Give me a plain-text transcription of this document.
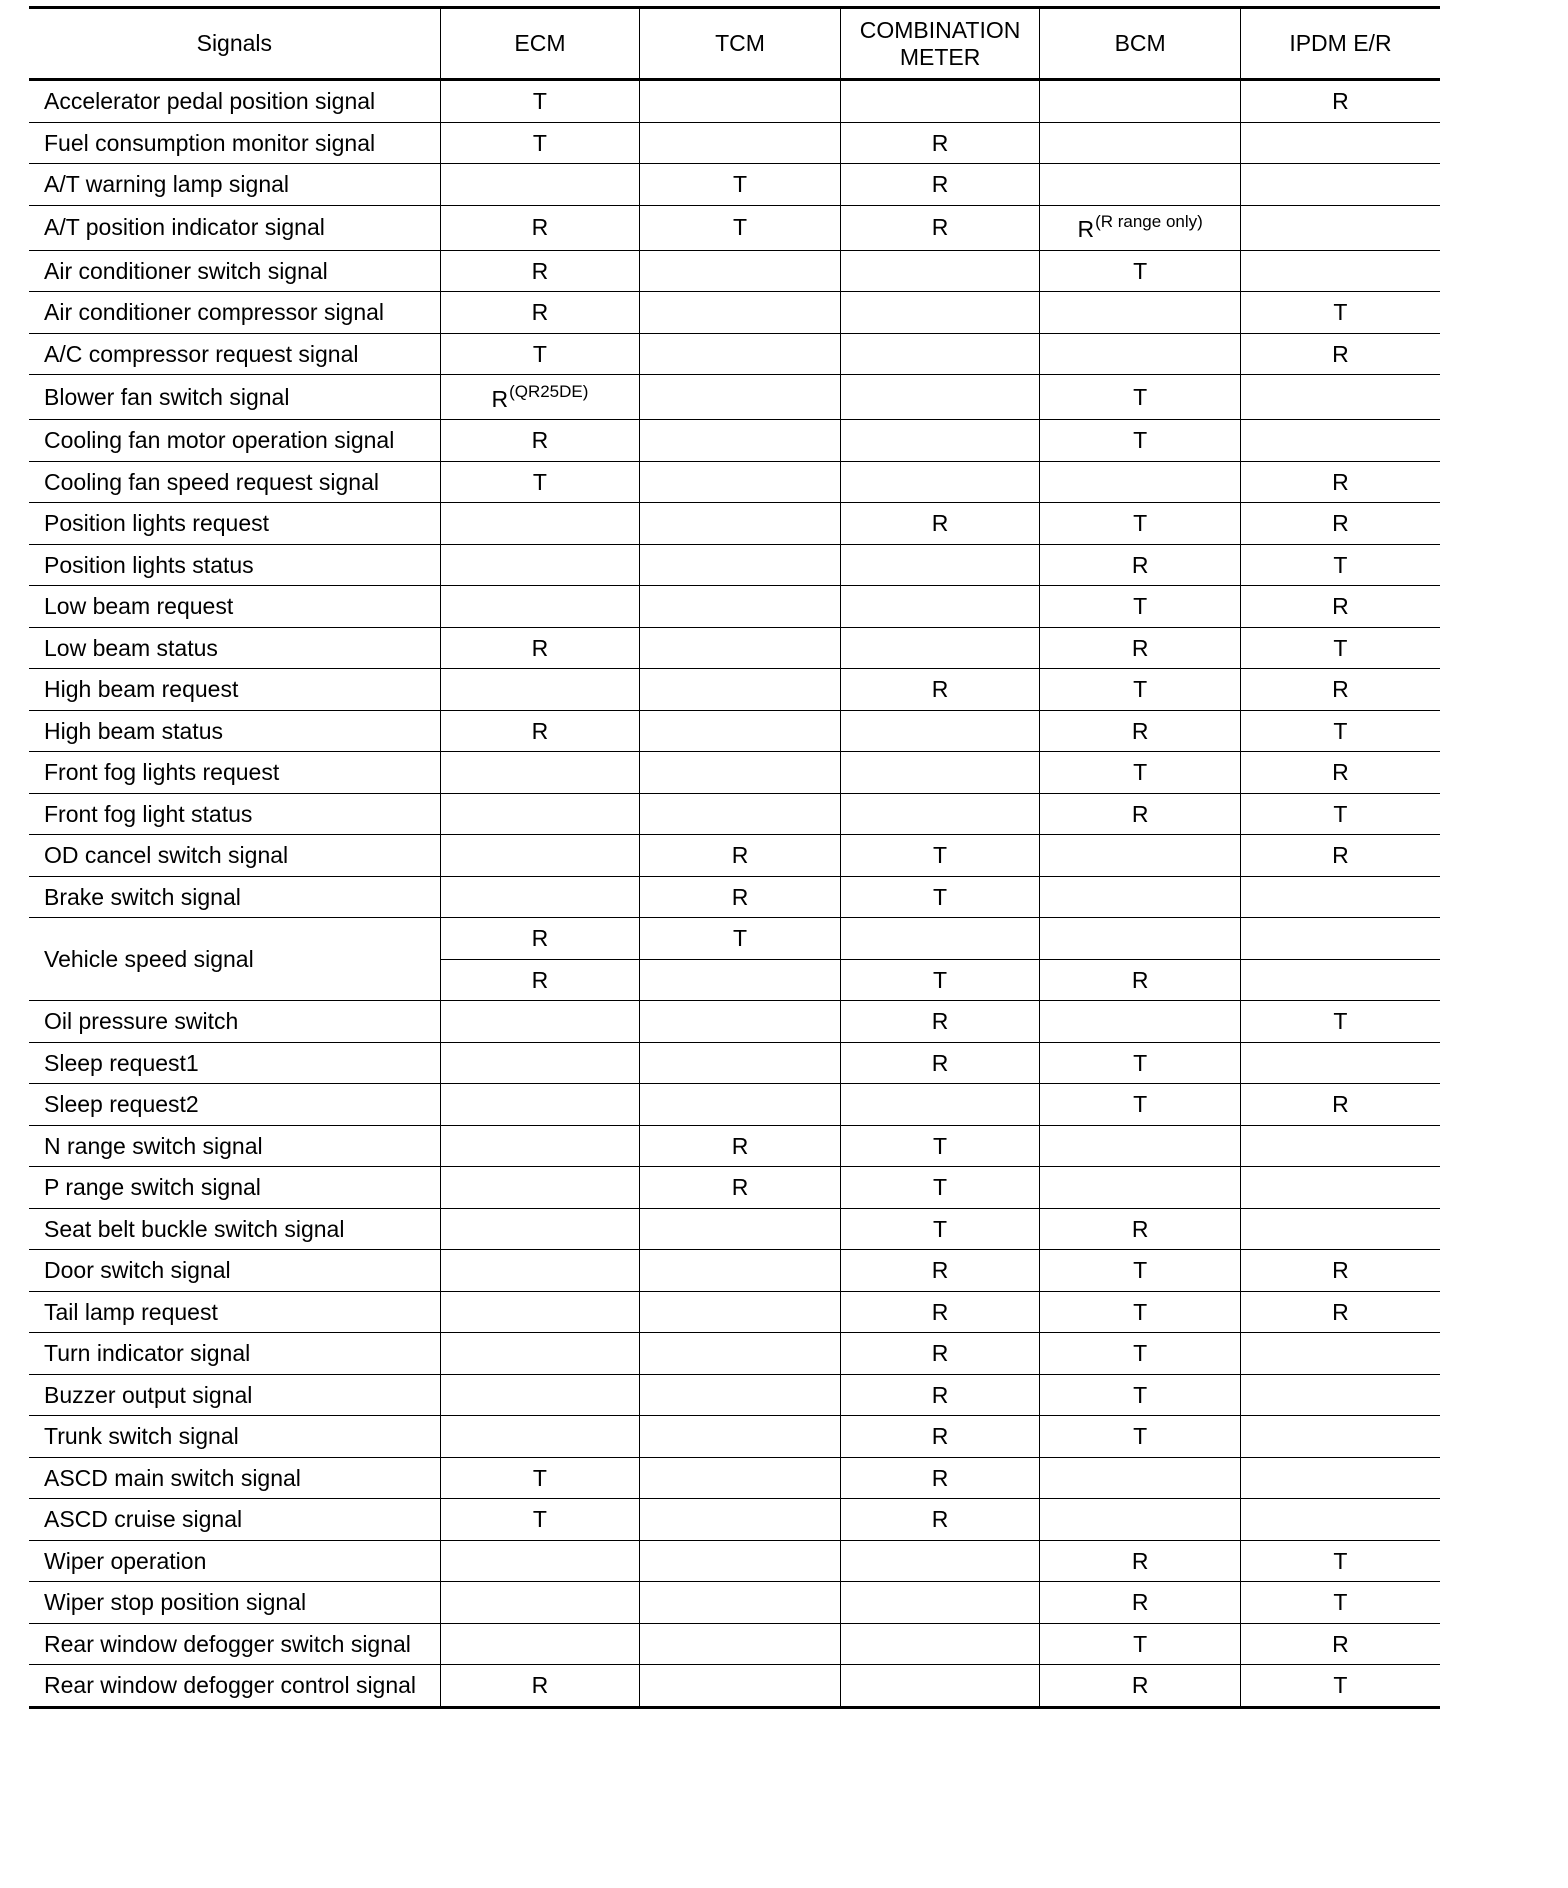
Signals	ECM	TCM	COMBINATION
METER	BCM	IPDM E/R
Accelerator pedal position signal	T				R
Fuel consumption monitor signal	T		R		
A/T warning lamp signal		T	R		
A/T position indicator signal	R	T	R	R$^{(R range only)}$	
Air conditioner switch signal	R			T	
Air conditioner compressor signal	R				T
A/C compressor request signal	T				R
Blower fan switch signal	R$^{(QR25DE)}$			T	
Cooling fan motor operation signal	R			T	
Cooling fan speed request signal	T				R
Position lights request			R	T	R
Position lights status				R	T
Low beam request				T	R
Low beam status	R			R	T
High beam request			R	T	R
High beam status	R			R	T
Front fog lights request				T	R
Front fog light status				R	T
OD cancel switch signal		R	T		R
Brake switch signal		R	T		
Vehicle speed signal	R	T			
	R		T	R	
Oil pressure switch			R		T
Sleep request1			R	T	
Sleep request2				T	R
N range switch signal		R	T		
P range switch signal		R	T		
Seat belt buckle switch signal			T	R	
Door switch signal			R	T	R
Tail lamp request			R	T	R
Turn indicator signal			R	T	
Buzzer output signal			R	T	
Trunk switch signal			R	T	
ASCD main switch signal	T		R		
ASCD cruise signal	T		R		
Wiper operation				R	T
Wiper stop position signal				R	T
Rear window defogger switch signal				T	R
Rear window defogger control signal	R			R	T
